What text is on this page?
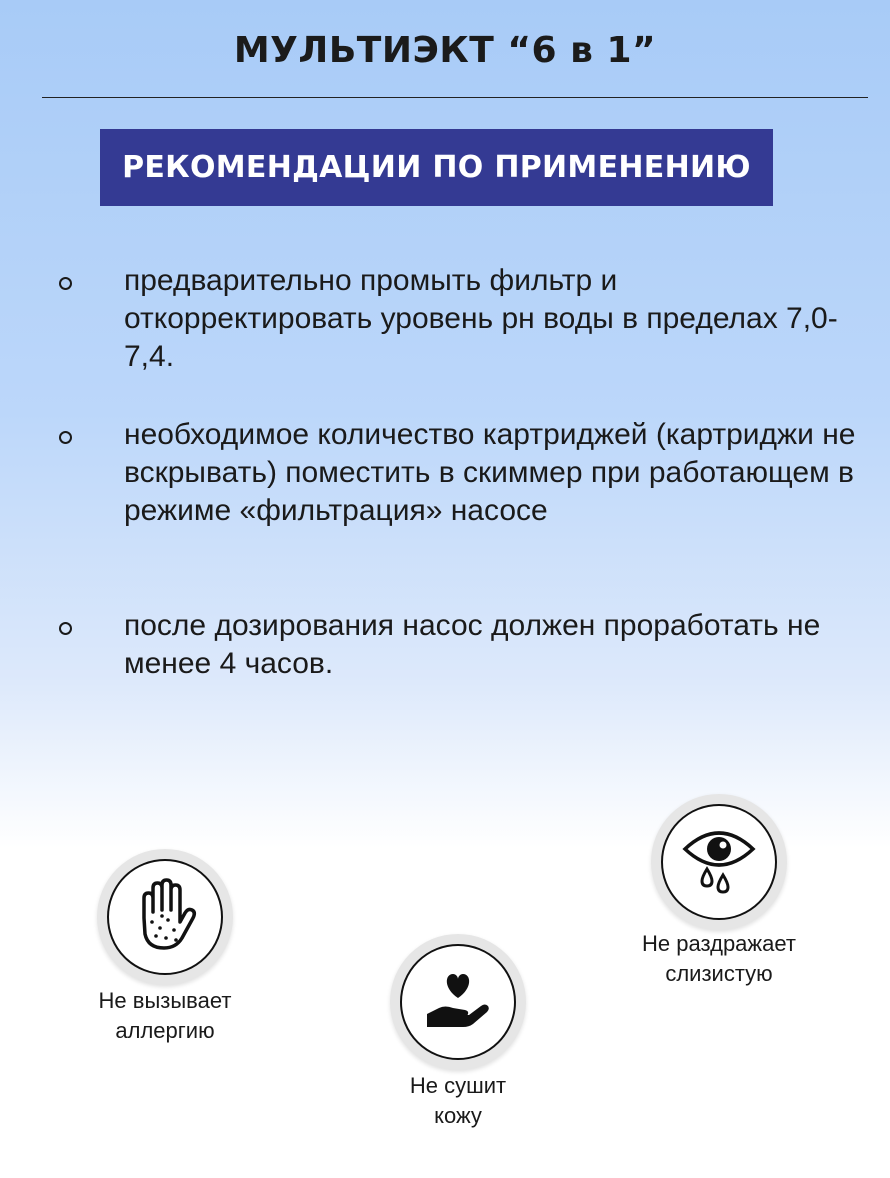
МУЛЬТИЭКТ “6 в 1”
РЕКОМЕНДАЦИИ ПО ПРИМЕНЕНИЮ
предварительно промыть фильтр и откорректировать уровень рн воды в пределах 7,0-7,4.
необходимое количество картриджей (картриджи не вскрывать) поместить в скиммер при работающем в режиме «фильтрация» насосе
после дозирования насос должен проработать не менее 4 часов.
Не вызывает
аллергию
Не сушит
кожу
Не раздражает
слизистую
